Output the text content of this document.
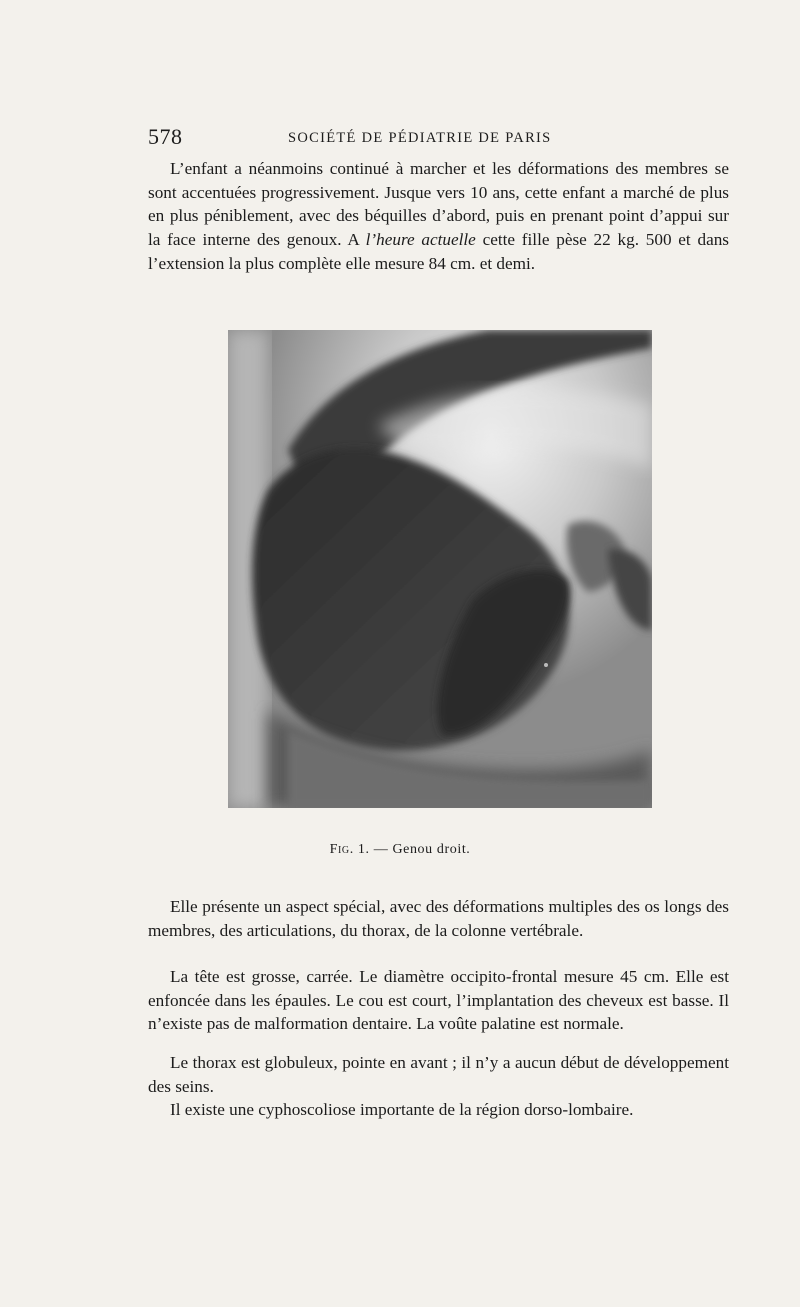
578	SOCIÉTÉ DE PÉDIATRIE DE PARIS

L’enfant a néanmoins continué à marcher et les déformations des membres se sont accentuées progressivement. Jusque vers 10 ans, cette enfant a marché de plus en plus péniblement, avec des béquilles d’abord, puis en prenant point d’appui sur la face interne des genoux. A l’heure actuelle cette fille pèse 22 kg. 500 et dans l’extension la plus complète elle mesure 84 cm. et demi.

Fig. 1. — Genou droit.

Elle présente un aspect spécial, avec des déformations multiples des os longs des membres, des articulations, du thorax, de la colonne vertébrale.

La tête est grosse, carrée. Le diamètre occipito-frontal mesure 45 cm. Elle est enfoncée dans les épaules. Le cou est court, l’implantation des cheveux est basse. Il n’existe pas de malformation dentaire. La voûte palatine est normale.

Le thorax est globuleux, pointe en avant ; il n’y a aucun début de développement des seins.

Il existe une cyphoscoliose importante de la région dorso-lombaire.
